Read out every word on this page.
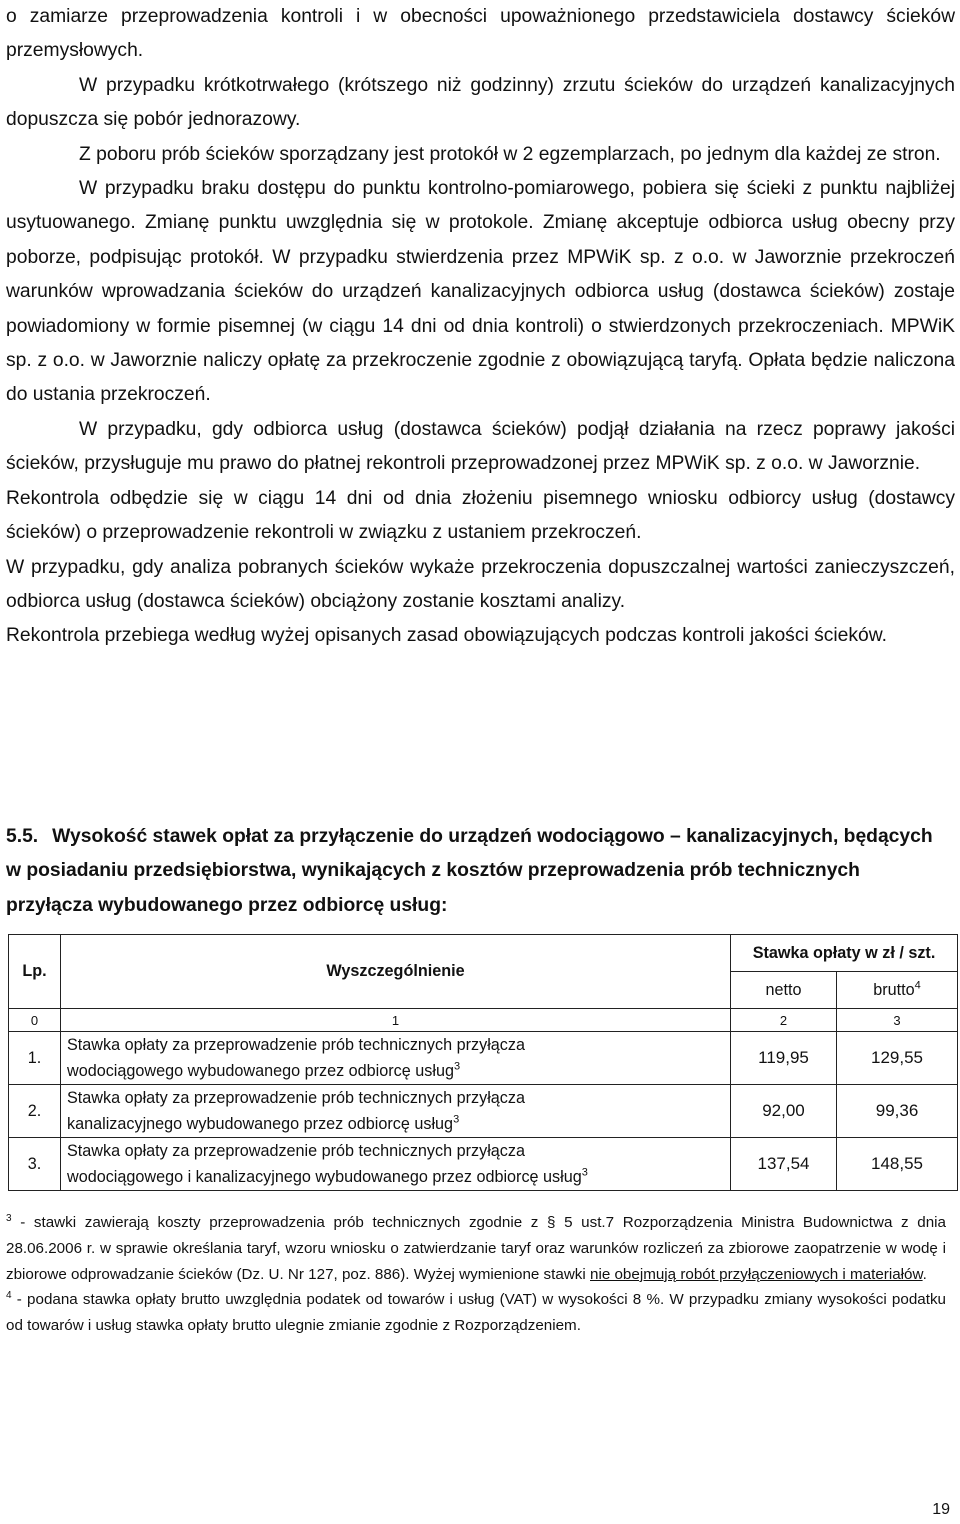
o zamiarze przeprowadzenia kontroli i w obecności upoważnionego przedstawiciela dostawcy ścieków przemysłowych.

W przypadku krótkotrwałego (krótszego niż godzinny) zrzutu ścieków do urządzeń kanalizacyjnych dopuszcza się pobór jednorazowy.

Z poboru prób ścieków sporządzany jest protokół w 2 egzemplarzach, po jednym dla każdej ze stron.

W przypadku braku dostępu do punktu kontrolno-pomiarowego, pobiera się ścieki z punktu najbliżej usytuowanego. Zmianę punktu uwzględnia się w protokole. Zmianę akceptuje odbiorca usług obecny przy poborze, podpisując protokół. W przypadku stwierdzenia przez MPWiK sp. z o.o. w Jaworznie przekroczeń warunków wprowadzania ścieków do urządzeń kanalizacyjnych odbiorca usług (dostawca ścieków) zostaje powiadomiony w formie pisemnej (w ciągu 14 dni od dnia kontroli) o stwierdzonych przekroczeniach. MPWiK sp. z o.o. w Jaworznie naliczy opłatę za przekroczenie zgodnie z obowiązującą taryfą. Opłata będzie naliczona do ustania przekroczeń.

W przypadku, gdy odbiorca usług (dostawca ścieków) podjął działania na rzecz poprawy jakości ścieków, przysługuje mu prawo do płatnej rekontroli przeprowadzonej przez MPWiK sp. z o.o. w Jaworznie.

Rekontrola odbędzie się w ciągu 14 dni od dnia złożeniu pisemnego wniosku odbiorcy usług (dostawcy ścieków) o przeprowadzenie rekontroli w związku z ustaniem przekroczeń.

W przypadku, gdy analiza pobranych ścieków wykaże przekroczenia dopuszczalnej wartości zanieczyszczeń, odbiorca usług (dostawca ścieków) obciążony zostanie kosztami analizy.

Rekontrola przebiega według wyżej opisanych zasad obowiązujących podczas kontroli jakości ścieków.

5.5. Wysokość stawek opłat za przyłączenie do urządzeń wodociągowo – kanalizacyjnych, będących w posiadaniu przedsiębiorstwa, wynikających z kosztów przeprowadzenia prób technicznych przyłącza wybudowanego przez odbiorcę usług:
Lp.	Wyszczególnienie	Stawka opłaty w zł / szt.	
		netto	brutto$^4$
0	1	2	3
1.	Stawka opłaty za przeprowadzenie prób technicznych przyłącza
wodociągowego wybudowanego przez odbiorcę usług$^3$	119,95	129,55
2.	Stawka opłaty za przeprowadzenie prób technicznych przyłącza
kanalizacyjnego wybudowanego przez odbiorcę usług$^3$	92,00	99,36
3.	Stawka opłaty za przeprowadzenie prób technicznych przyłącza
wodociągowego i kanalizacyjnego wybudowanego przez odbiorcę usług$^3$	137,54	148,55

$^3$ - stawki zawierają koszty przeprowadzenia prób technicznych zgodnie z § 5 ust.7 Rozporządzenia Ministra Budownictwa z dnia 28.06.2006 r. w sprawie określania taryf, wzoru wniosku o zatwierdzanie taryf oraz warunków rozliczeń za zbiorowe zaopatrzenie w wodę i zbiorowe odprowadzanie ścieków (Dz. U. Nr 127, poz. 886). Wyżej wymienione stawki nie obejmują robót przyłączeniowych i materiałów.

$^4$ - podana stawka opłaty brutto uwzględnia podatek od towarów i usług (VAT) w wysokości 8 %. W przypadku zmiany wysokości podatku od towarów i usług stawka opłaty brutto ulegnie zmianie zgodnie z Rozporządzeniem.

19
